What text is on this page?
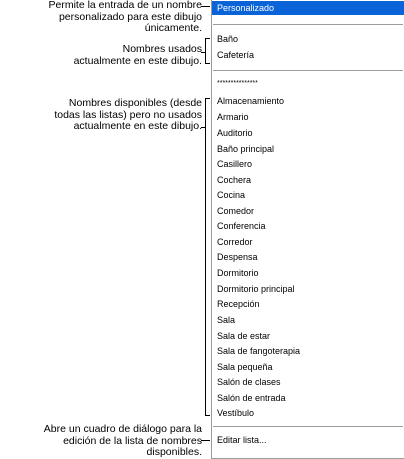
Permite la entrada de un nombre
personalizado para este dibujo
únicamente.
Nombres usados
actualmente en este dibujo.
Nombres disponibles (desde
todas las listas) pero no usados
actualmente en este dibujo.
Abre un cuadro de diálogo para la
edición de la lista de nombres
disponibles.
Personalizado
Baño
Cafetería
***************
Almacenamiento
Armario
Auditorio
Baño principal
Casillero
Cochera
Cocina
Comedor
Conferencia
Corredor
Despensa
Dormitorio
Dormitorio principal
Recepción
Sala
Sala de estar
Sala de fangoterapia
Sala pequeña
Salón de clases
Salón de entrada
Vestíbulo
Editar lista...
